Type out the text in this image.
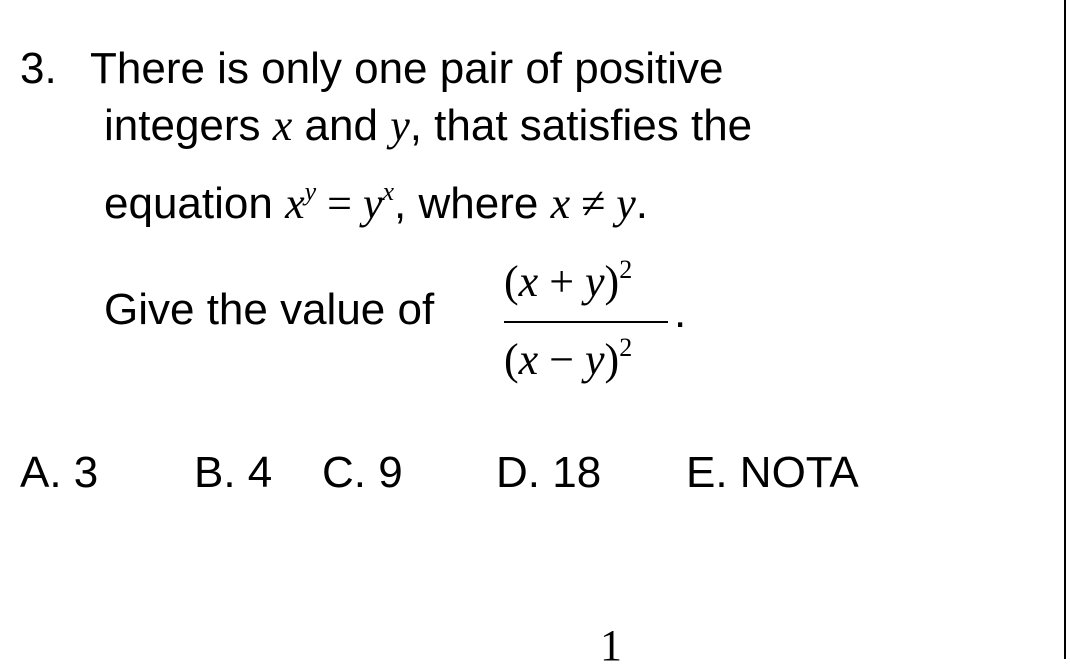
3. There is only one pair of positive
integers x and y, that satisfies the
equation $x^y = y^x$, where x ≠ y.
Give the value of
$(x + y)^2$
$(x - y)^2$
.
A. 3 B. 4 C. 9 D. 18 E. NOTA
1
